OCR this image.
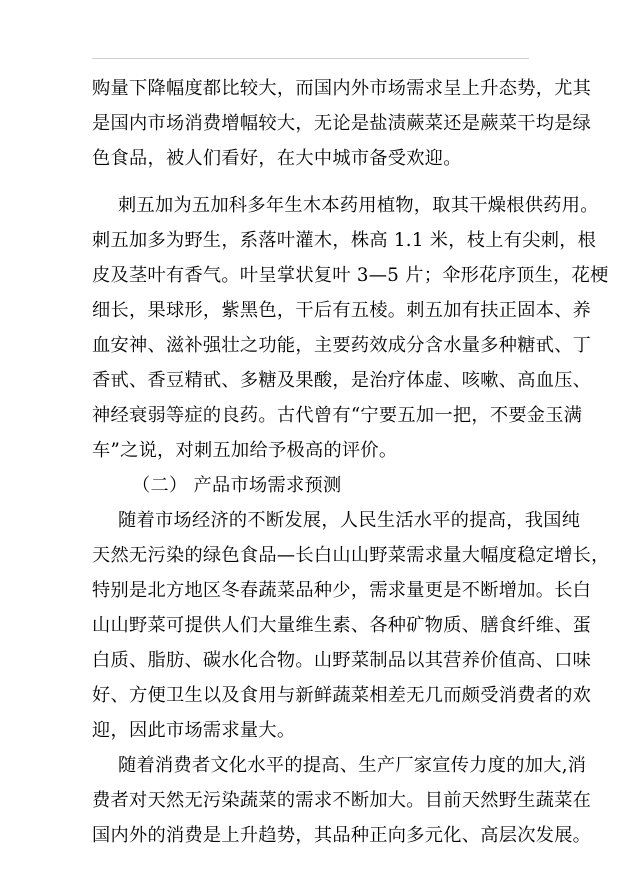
购量下降幅度都比较大，而国内外市场需求呈上升态势，尤其
是国内市场消费增幅较大，无论是盐渍蕨菜还是蕨菜干均是绿
色食品，被人们看好，在大中城市备受欢迎。
刺五加为五加科多年生木本药用植物，取其干燥根供药用。
刺五加多为野生，系落叶灌木，株高 1.1 米，枝上有尖刺，根
皮及茎叶有香气。叶呈掌状复叶 3—5 片；伞形花序顶生，花梗
细长，果球形，紫黑色，干后有五棱。刺五加有扶正固本、养
血安神、滋补强壮之功能，主要药效成分含水量多种糖甙、丁
香甙、香豆精甙、多糖及果酸，是治疗体虚、咳嗽、高血压、
神经衰弱等症的良药。古代曾有“宁要五加一把，不要金玉满
车”之说，对刺五加给予极高的评价。
（二） 产品市场需求预测
随着市场经济的不断发展，人民生活水平的提高，我国纯
天然无污染的绿色食品—长白山山野菜需求量大幅度稳定增长，
特别是北方地区冬春蔬菜品种少，需求量更是不断增加。长白
山山野菜可提供人们大量维生素、各种矿物质、膳食纤维、蛋
白质、脂肪、碳水化合物。山野菜制品以其营养价值高、口味
好、方便卫生以及食用与新鲜蔬菜相差无几而颇受消费者的欢
迎，因此市场需求量大。
随着消费者文化水平的提高、生产厂家宣传力度的加大,消
费者对天然无污染蔬菜的需求不断加大。目前天然野生蔬菜在
国内外的消费是上升趋势，其品种正向多元化、高层次发展。
